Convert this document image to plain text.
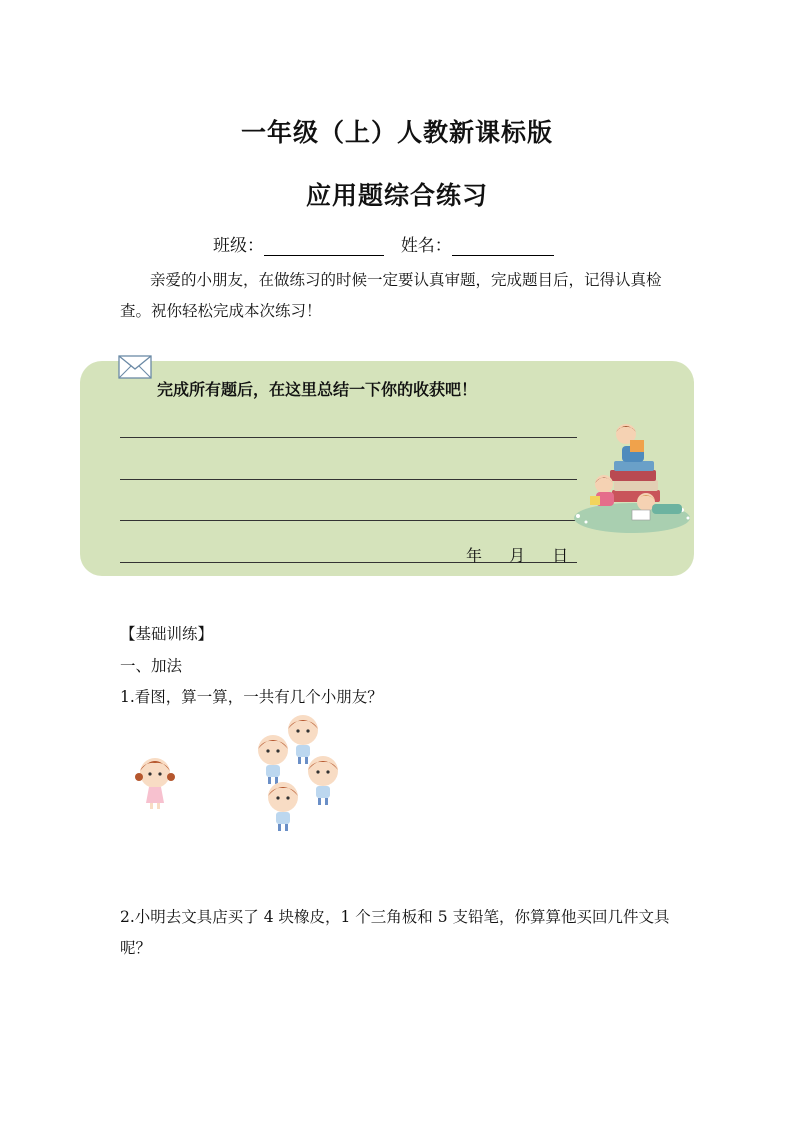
一年级（上）人教新课标版
应用题综合练习
班级：	姓名：
亲爱的小朋友，在做练习的时候一定要认真审题，完成题目后，记得认真检查。祝你轻松完成本次练习！
完成所有题后，在这里总结一下你的收获吧！
年 月 日
【基础训练】
一、加法
1.看图，算一算，一共有几个小朋友？
2.小明去文具店买了 4 块橡皮，1 个三角板和 5 支铅笔，你算算他买回几件文具呢？
